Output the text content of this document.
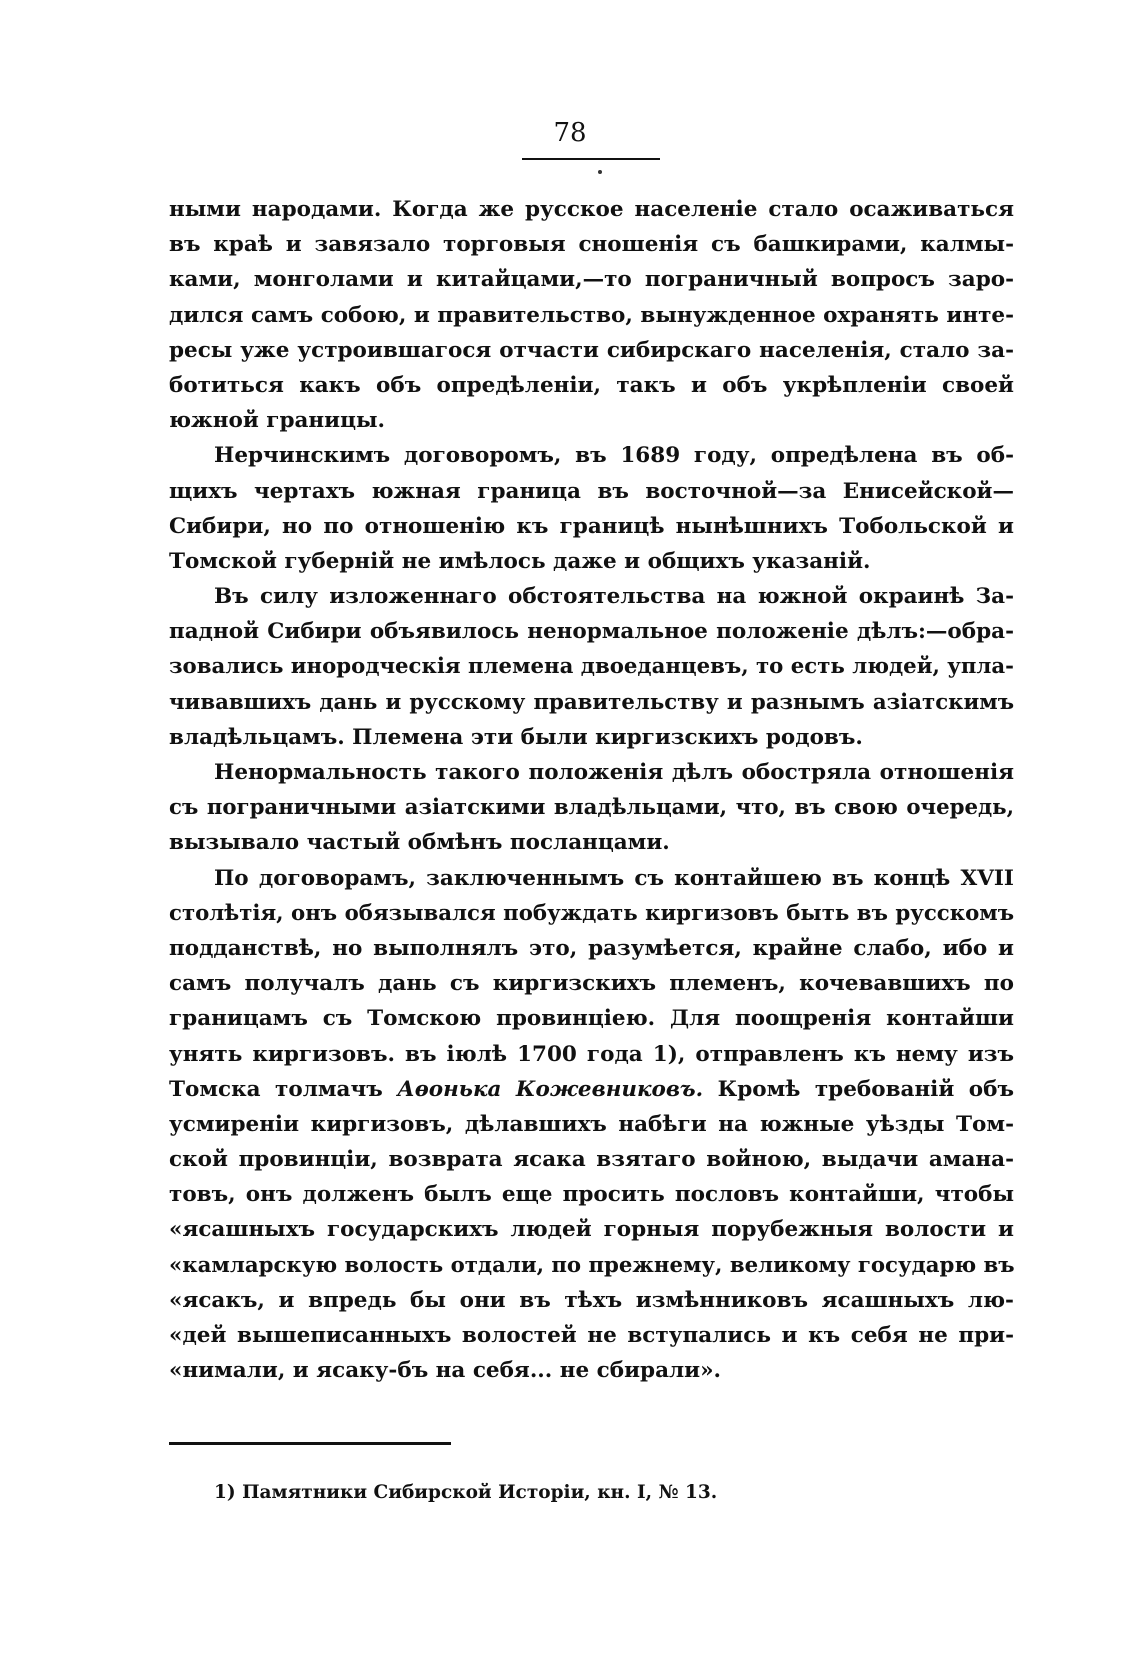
78
ными народами. Когда же русское населеніе стало осаживаться
въ краѣ и завязало торговыя сношенія съ башкирами, калмы-
ками, монголами и китайцами,—то пограничный вопросъ заро-
дился самъ собою, и правительство, вынужденное охранять инте-
ресы уже устроившагося отчасти сибирскаго населенія, стало за-
ботиться какъ объ опредѣленіи, такъ и объ укрѣпленіи своей
южной границы.
Нерчинскимъ договоромъ, въ 1689 году, опредѣлена въ об-
щихъ чертахъ южная граница въ восточной—за Енисейской—
Сибири, но по отношенію къ границѣ нынѣшнихъ Тобольской и
Томской губерній не имѣлось даже и общихъ указаній.
Въ силу изложеннаго обстоятельства на южной окраинѣ За-
падной Сибири объявилось ненормальное положеніе дѣлъ:—обра-
зовались инородческія племена двоеданцевъ, то есть людей, упла-
чивавшихъ дань и русскому правительству и разнымъ азіатскимъ
владѣльцамъ. Племена эти были киргизскихъ родовъ.
Ненормальность такого положенія дѣлъ обостряла отношенія
съ пограничными азіатскими владѣльцами, что, въ свою очередь,
вызывало частый обмѣнъ посланцами.
По договорамъ, заключеннымъ съ контайшею въ концѣ XVII
столѣтія, онъ обязывался побуждать киргизовъ быть въ русскомъ
подданствѣ, но выполнялъ это, разумѣется, крайне слабо, ибо и
самъ получалъ дань съ киргизскихъ племенъ, кочевавшихъ по
границамъ съ Томскою провинціею. Для поощренія контайши
унять киргизовъ. въ іюлѣ 1700 года 1), отправленъ къ нему изъ
Томска толмачъ Аѳонька Кожевниковъ. Кромѣ требованій объ
усмиреніи киргизовъ, дѣлавшихъ набѣги на южные уѣзды Том-
ской провинціи, возврата ясака взятаго войною, выдачи аманa-
товъ, онъ долженъ былъ еще просить пословъ контайши, чтобы
«ясашныхъ государскихъ людей горныя порубежныя волости и
«камларскую волость отдали, по прежнему, великому государю въ
«ясакъ, и впредь бы они въ тѣхъ измѣнниковъ ясашныхъ лю-
«дей вышеписанныхъ волостей не вступались и къ себя не при-
«нимали, и ясаку-бъ на себя... не сбирали».
1) Памятники Сибирской Исторіи, кн. I, № 13.
